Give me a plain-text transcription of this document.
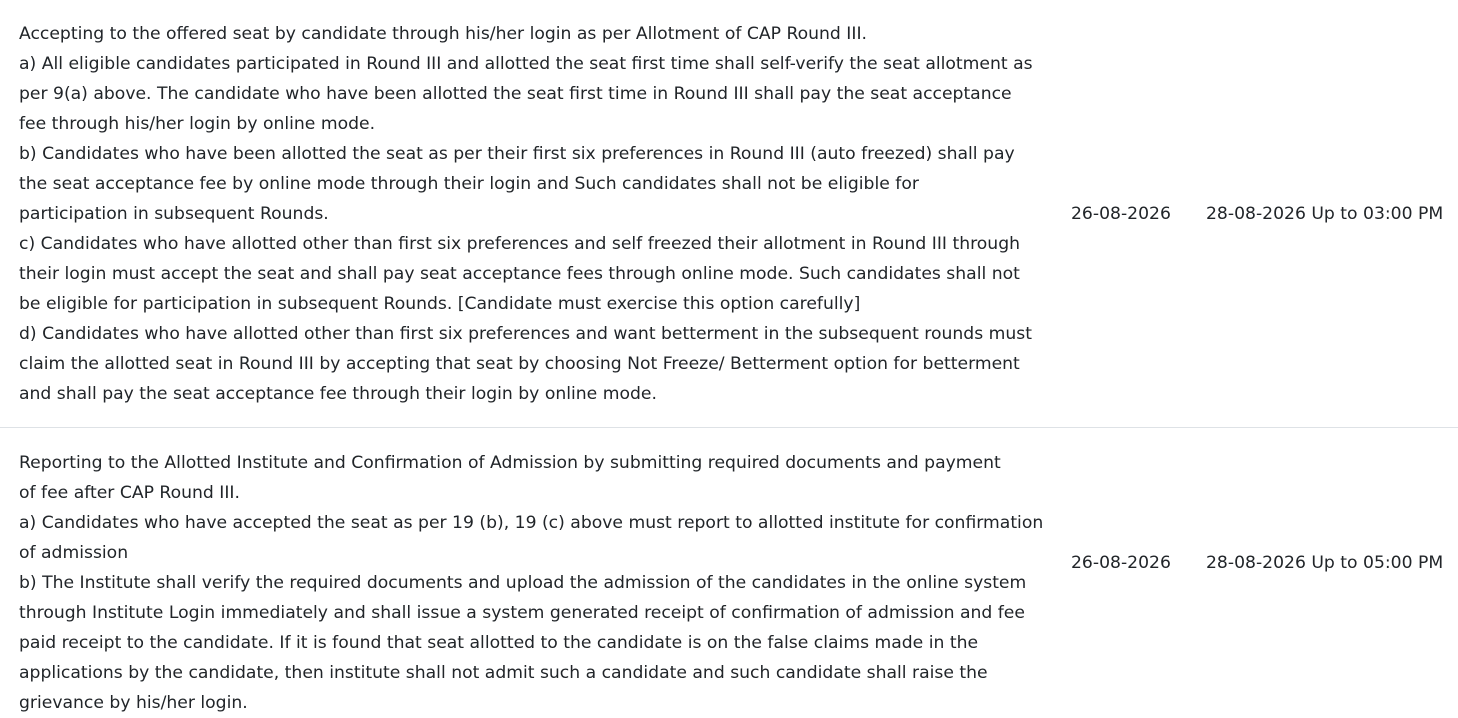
Accepting to the offered seat by candidate through his/her login as per Allotment of CAP Round III.
a) All eligible candidates participated in Round III and allotted the seat first time shall self-verify the seat allotment as
per 9(a) above. The candidate who have been allotted the seat first time in Round III shall pay the seat acceptance
fee through his/her login by online mode.
b) Candidates who have been allotted the seat as per their first six preferences in Round III (auto freezed) shall pay
the seat acceptance fee by online mode through their login and Such candidates shall not be eligible for
participation in subsequent Rounds.
c) Candidates who have allotted other than first six preferences and self freezed their allotment in Round III through
their login must accept the seat and shall pay seat acceptance fees through online mode. Such candidates shall not
be eligible for participation in subsequent Rounds. [Candidate must exercise this option carefully]
d) Candidates who have allotted other than first six preferences and want betterment in the subsequent rounds must
claim the allotted seat in Round III by accepting that seat by choosing Not Freeze/ Betterment option for betterment
and shall pay the seat acceptance fee through their login by online mode.
26-08-2026 28-08-2026 Up to 03:00 PM
Reporting to the Allotted Institute and Confirmation of Admission by submitting required documents and payment
of fee after CAP Round III.
a) Candidates who have accepted the seat as per 19 (b), 19 (c) above must report to allotted institute for confirmation
of admission
b) The Institute shall verify the required documents and upload the admission of the candidates in the online system
through Institute Login immediately and shall issue a system generated receipt of confirmation of admission and fee
paid receipt to the candidate. If it is found that seat allotted to the candidate is on the false claims made in the
applications by the candidate, then institute shall not admit such a candidate and such candidate shall raise the
grievance by his/her login.
26-08-2026 28-08-2026 Up to 05:00 PM
